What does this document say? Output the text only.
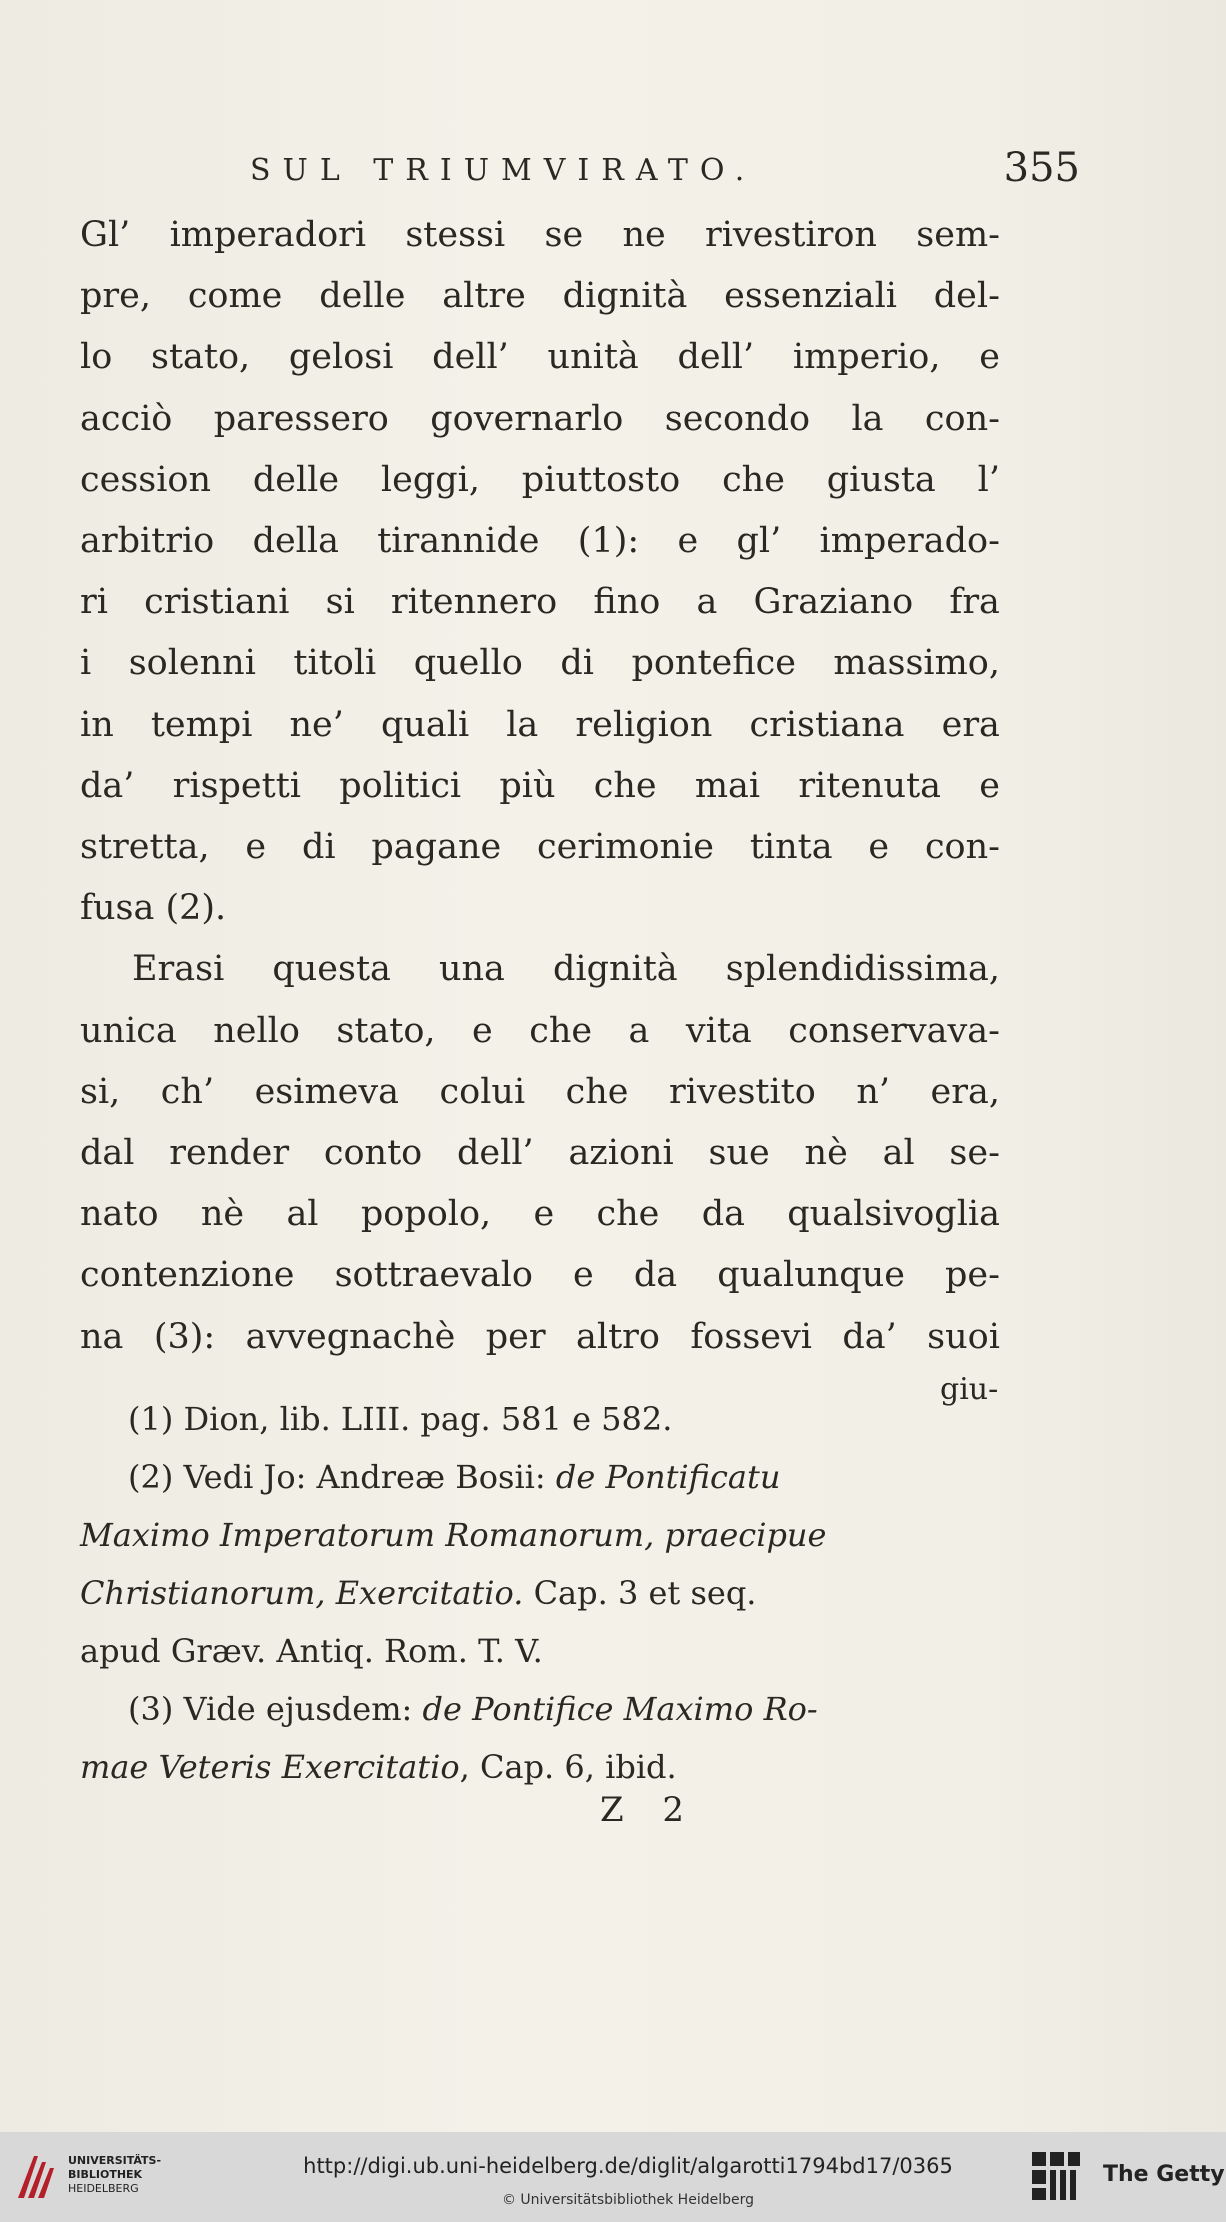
SUL TRIUMVIRATO.	355
Gl’ imperadori stessi se ne rivestiron sem-
pre, come delle altre dignità essenziali del-
lo stato, gelosi dell’ unità dell’ imperio, e
acciò paressero governarlo secondo la con-
cession delle leggi, piuttosto che giusta l’
arbitrio della tirannide (1): e gl’ imperado-
ri cristiani si ritennero fino a Graziano fra
i solenni titoli quello di pontefice massimo,
in tempi ne’ quali la religion cristiana era
da’ rispetti politici più che mai ritenuta e
stretta, e di pagane cerimonie tinta e con-
fusa (2).
Erasi questa una dignità splendidissima,
unica nello stato, e che a vita conservava-
si, ch’ esimeva colui che rivestito n’ era,
dal render conto dell’ azioni sue nè al se-
nato nè al popolo, e che da qualsivoglia
contenzione sottraevalo e da qualunque pe-
na (3): avvegnachè per altro fossevi da’ suoi
giu-
(1) Dion, lib. LIII. pag. 581 e 582.
(2) Vedi Jo: Andreæ Bosii: de Pontificatu
Maximo Imperatorum Romanorum, praecipue
Christianorum, Exercitatio. Cap. 3 et seq.
apud Græv. Antiq. Rom. T. V.
(3) Vide ejusdem: de Pontifice Maximo Ro-
mae Veteris Exercitatio, Cap. 6, ibid.
Z 2
UNIVERSITÄTS-
BIBLIOTHEK
HEIDELBERG
http://digi.ub.uni-heidelberg.de/diglit/algarotti1794bd17/0365
© Universitätsbibliothek Heidelberg
The Getty
